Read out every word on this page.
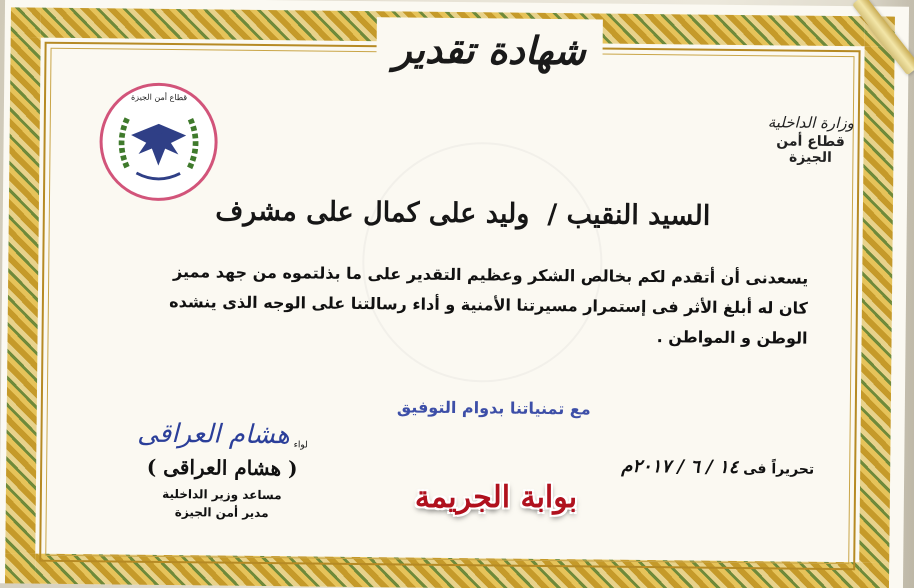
شهادة تقدير
وزارة الداخلية
قطاع أمن الجيزة
قطاع أمن الجيزة
السيد النقيب /
وليد على كمال على مشرف

يسعدنى أن أتقدم لكم بخالص الشكر وعظيم التقدير على ما بذلتموه من جهد مميز

كان له أبلغ الأثر فى إستمرار مسيرتنا الأمنية و أداء رسالتنا على الوجه الذى ينشده

الوطن و المواطن .

مع تمنياتنا بدوام التوفيق
تحريراً فى ١٤ / ٦ / ٢٠١٧م
لواء
هشام العراقى
( هشام العراقى )
مساعد وزير الداخلية
مدير أمن الجيزة	بوابة الجريمة
